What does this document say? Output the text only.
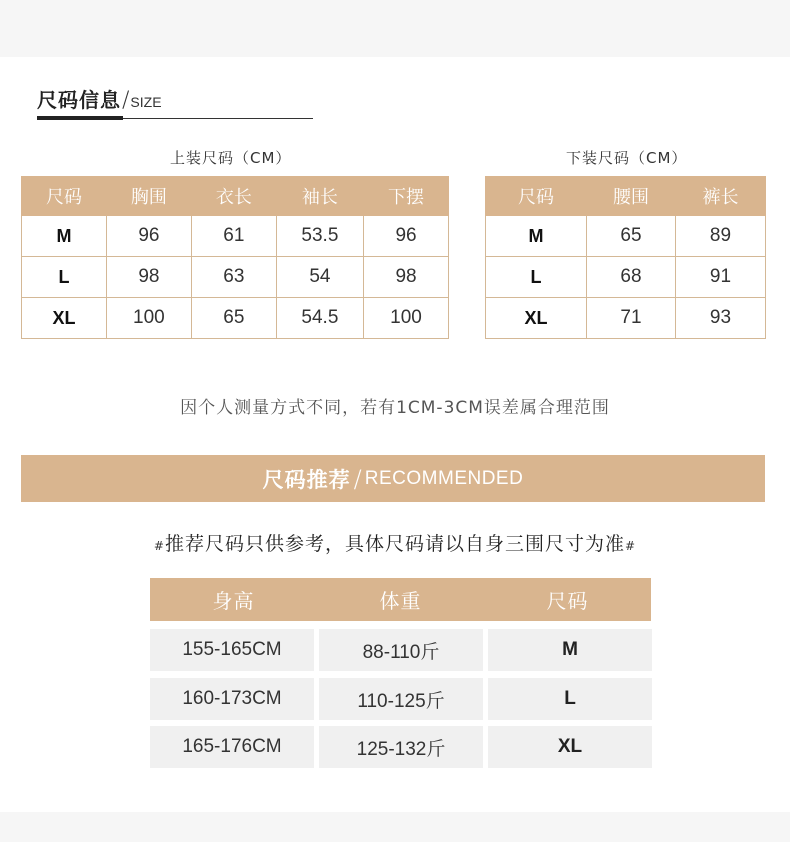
尺码信息 / SIZE
上装尺码（CM）
尺码	胸围	衣长	袖长	下摆
M	96	61	53.5	96
L	98	63	54	98
XL	100	65	54.5	100
下装尺码（CM）
尺码	腰围	裤长
M	65	89
L	68	91
XL	71	93
因个人测量方式不同，若有1CM-3CM误差属合理范围
尺码推荐 / RECOMMENDED
#推荐尺码只供参考，具体尺码请以自身三围尺寸为准#
身高	体重	尺码
155-165CM	88-110斤	M
160-173CM	110-125斤	L
165-176CM	125-132斤	XL
